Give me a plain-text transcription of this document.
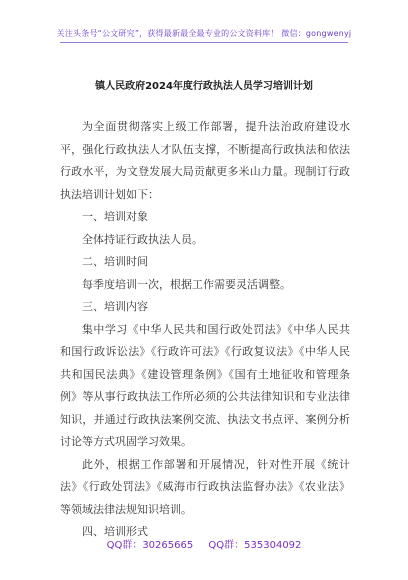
关注头条号“公文研究”，获得最新最全最专业的公文资料库！ 微信：gongwenyj
镇人民政府2024年度行政执法人员学习培训计划

为全面贯彻落实上级工作部署，提升法治政府建设水平，强化行政执法人才队伍支撑，不断提高行政执法和依法行政水平，为文登发展大局贡献更多米山力量。现制订行政执法培训计划如下：

一、培训对象

全体持证行政执法人员。

二、培训时间

每季度培训一次，根据工作需要灵活调整。

三、培训内容

集中学习《中华人民共和国行政处罚法》《中华人民共和国行政诉讼法》《行政许可法》《行政复议法》《中华人民共和国民法典》《建设管理条例》《国有土地征收和管理条例》等从事行政执法工作所必须的公共法律知识和专业法律知识，并通过行政执法案例交流、执法文书点评、案例分析讨论等方式巩固学习效果。

此外，根据工作部署和开展情况，针对性开展《统计法》《行政处罚法》《威海市行政执法监督办法》《农业法》等领域法律法规知识培训。

四、培训形式

QQ群：30265665 QQ群：535304092
